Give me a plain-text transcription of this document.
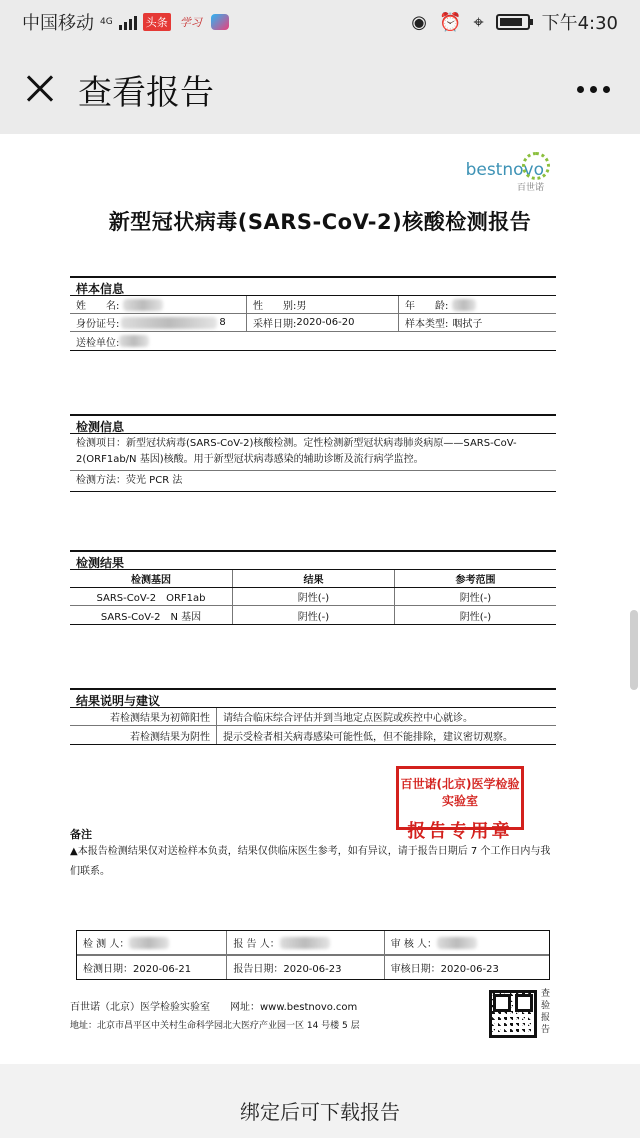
中国移动 4G	头条 学习	◉ ⏰ ⌖	下午4:30
查看报告
bestnovo
百世诺
新型冠状病毒(SARS-CoV-2)核酸检测报告
样本信息
姓　　名:	性　　别: 男	年　　龄:
身份证号:	8	采样日期: 2020-06-20	样本类型: 咽拭子
送检单位:
检测信息
检测项目：新型冠状病毒(SARS-CoV-2)核酸检测。定性检测新型冠状病毒肺炎病原——SARS-CoV-2(ORF1ab/N 基因)核酸。用于新型冠状病毒感染的辅助诊断及流行病学监控。
检测方法：荧光 PCR 法
检测结果
检测基因	结果	参考范围
SARS-CoV-2　ORF1ab	阴性(-)	阴性(-)
SARS-CoV-2　N 基因	阴性(-)	阴性(-)
结果说明与建议
若检测结果为初筛阳性	请结合临床综合评估并到当地定点医院或疾控中心就诊。
若检测结果为阴性	提示受检者相关病毒感染可能性低，但不能排除，建议密切观察。
百世诺(北京)医学检验实验室
报告专用章
备注
▲本报告检测结果仅对送检样本负责，结果仅供临床医生参考，如有异议，请于报告日期后 7 个工作日内与我们联系。
检 测 人：	报 告 人：	审 核 人：
检测日期：2020-06-21	报告日期：2020-06-23	审核日期：2020-06-23
百世诺（北京）医学检验实验室　　网址：www.bestnovo.com
地址：北京市昌平区中关村生命科学园北大医疗产业园一区 14 号楼 5 层
查验报告
绑定后可下载报告
